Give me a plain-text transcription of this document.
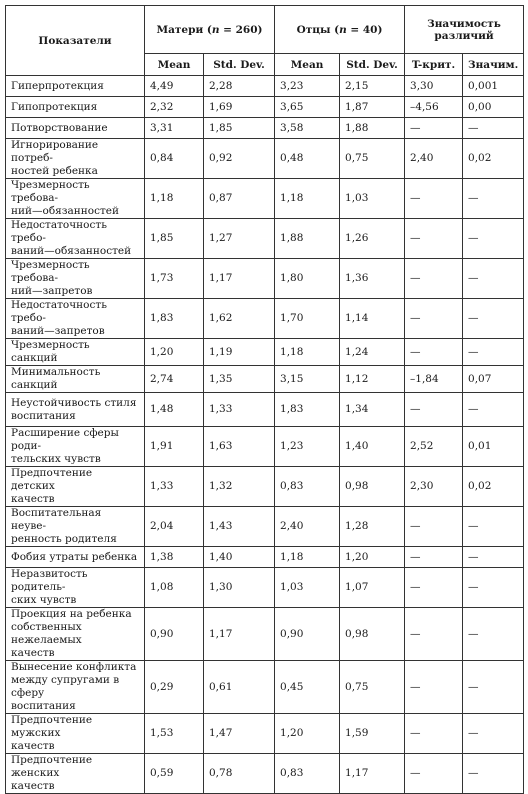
Показатели	Матери (n = 260)		Отцы (n = 40)		Значимость различий	
	Mean	Std. Dev.	Mean	Std. Dev.	T-крит.	Значим.
Гиперпротекция	4,49	2,28	3,23	2,15	3,30	0,001
Гипопротекция	2,32	1,69	3,65	1,87	–4,56	0,00
Потворствование	3,31	1,85	3,58	1,88	—	—
Игнорирование потреб-
ностей ребенка	0,84	0,92	0,48	0,75	2,40	0,02
Чрезмерность требова-
ний—обязанностей	1,18	0,87	1,18	1,03	—	—
Недостаточность требо-
ваний—обязанностей	1,85	1,27	1,88	1,26	—	—
Чрезмерность требова-
ний—запретов	1,73	1,17	1,80	1,36	—	—
Недостаточность требо-
ваний—запретов	1,83	1,62	1,70	1,14	—	—
Чрезмерность санкций	1,20	1,19	1,18	1,24	—	—
Минимальность санкций	2,74	1,35	3,15	1,12	–1,84	0,07
Неустойчивость стиля
воспитания	1,48	1,33	1,83	1,34	—	—
Расширение сферы роди-
тельских чувств	1,91	1,63	1,23	1,40	2,52	0,01
Предпочтение детских
качеств	1,33	1,32	0,83	0,98	2,30	0,02
Воспитательная неуве-
ренность родителя	2,04	1,43	2,40	1,28	—	—
Фобия утраты ребенка	1,38	1,40	1,18	1,20	—	—
Неразвитость родитель-
ских чувств	1,08	1,30	1,03	1,07	—	—
Проекция на ребенка
собственных нежелаемых
качеств	0,90	1,17	0,90	0,98	—	—
Вынесение конфликта
между супругами в сферу
воспитания	0,29	0,61	0,45	0,75	—	—
Предпочтение мужских
качеств	1,53	1,47	1,20	1,59	—	—
Предпочтение женских
качеств	0,59	0,78	0,83	1,17	—	—
